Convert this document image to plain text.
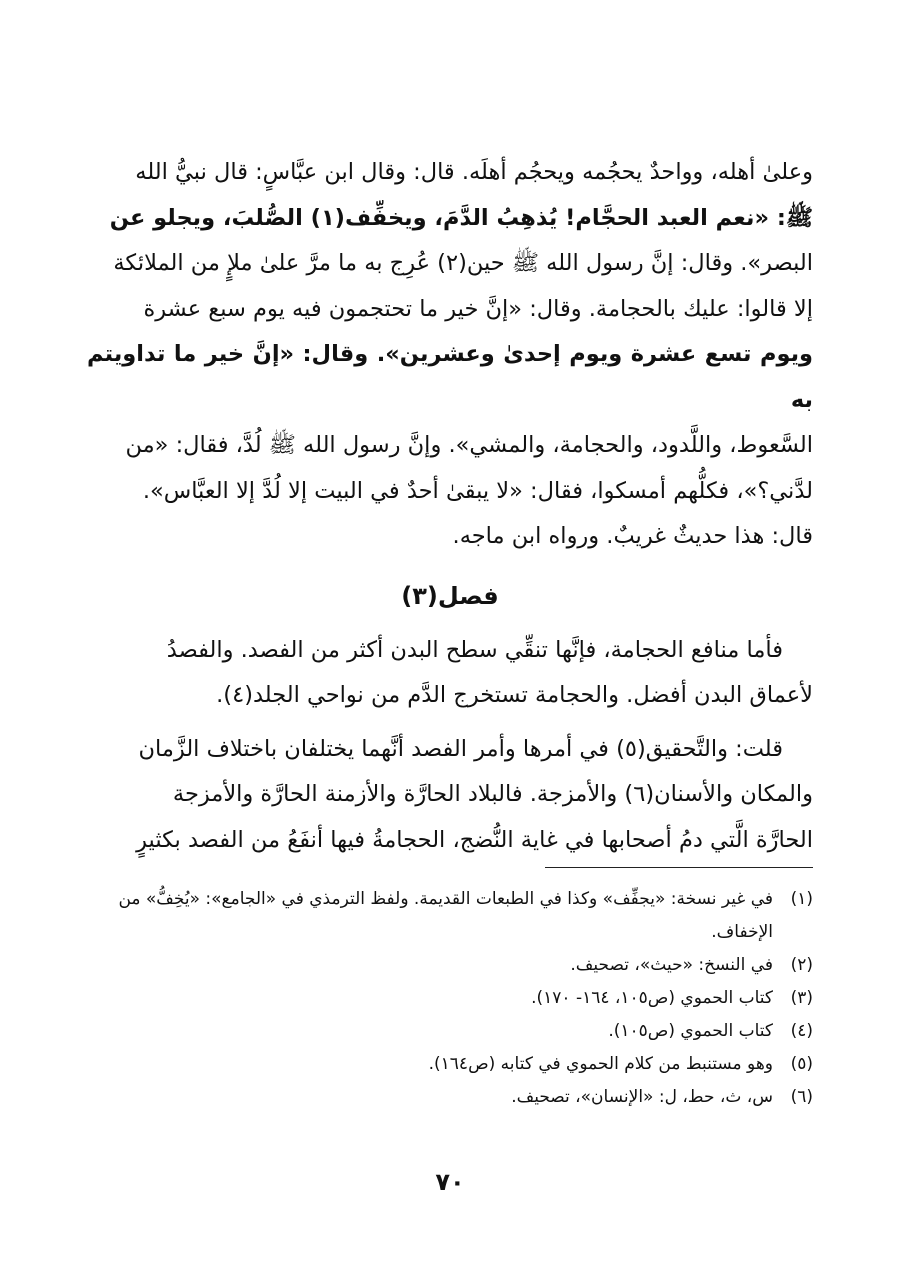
وعلىٰ أهله، وواحدٌ يحجُمه ويحجُم أهلَه. قال: وقال ابن عبَّاسٍ: قال نبيُّ الله

ﷺ: «نعم العبد الحجَّام! يُذهِبُ الدَّمَ، ويخفِّف(١) الصُّلبَ، ويجلو عن

البصر». وقال: إنَّ رسول الله ﷺ حين(٢) عُرِج به ما مرَّ علىٰ ملإٍ من الملائكة

إلا قالوا: عليك بالحجامة. وقال: «إنَّ خير ما تحتجمون فيه يوم سبع عشرة

ويوم تسع عشرة ويوم إحدىٰ وعشرين». وقال: «إنَّ خير ما تداويتم به

السَّعوط، واللَّدود، والحجامة، والمشي». وإنَّ رسول الله ﷺ لُدَّ، فقال: «من

لدَّني؟»، فكلُّهم أمسكوا، فقال: «لا يبقىٰ أحدٌ في البيت إلا لُدَّ إلا العبَّاس».

قال: هذا حديثٌ غريبٌ. ورواه ابن ماجه.

فصل(٣)

فأما منافع الحجامة، فإنَّها تنقِّي سطح البدن أكثر من الفصد. والفصدُ

لأعماق البدن أفضل. والحجامة تستخرج الدَّم من نواحي الجلد(٤).

قلت: والتَّحقيق(٥) في أمرها وأمر الفصد أنَّهما يختلفان باختلاف الزَّمان

والمكان والأسنان(٦) والأمزجة. فالبلاد الحارَّة والأزمنة الحارَّة والأمزجة

الحارَّة الَّتي دمُ أصحابها في غاية النُّضج، الحجامةُ فيها أنفَعُ من الفصد بكثيرٍ

(١)
في غير نسخة: «يجفِّف» وكذا في الطبعات القديمة. ولفظ الترمذي في «الجامع»: «يُخِفُّ» من الإخفاف.
(٢)
في النسخ: «حيث»، تصحيف.
(٣)
كتاب الحموي (ص١٠٥، ١٦٤- ١٧٠).
(٤)
كتاب الحموي (ص١٠٥).
(٥)
وهو مستنبط من كلام الحموي في كتابه (ص١٦٤).
(٦)
س، ث، حط، ل: «الإنسان»، تصحيف.
٧٠
